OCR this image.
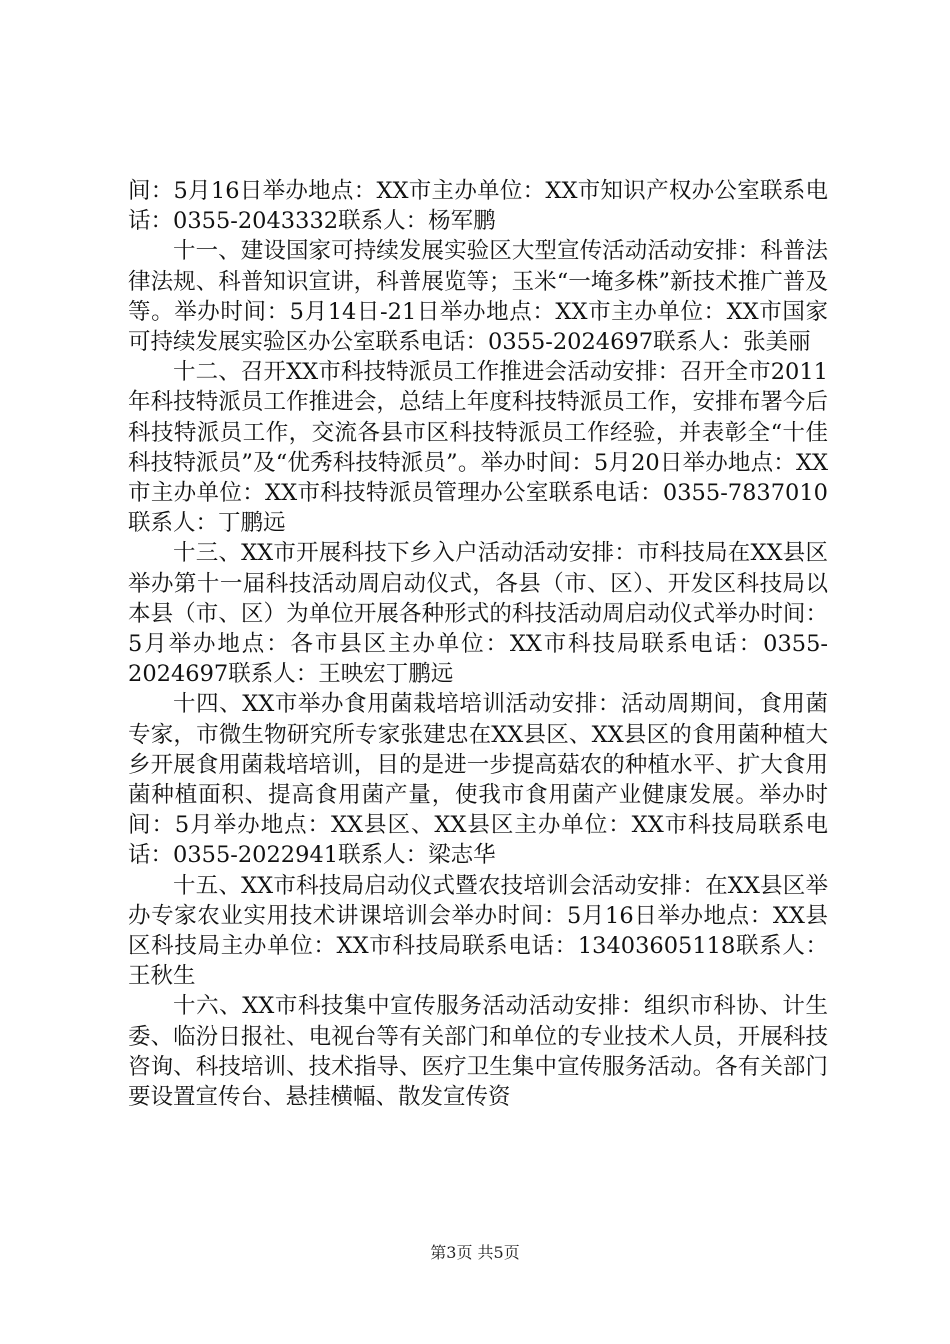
间：5月16日举办地点：XX市主办单位：XX市知识产权办公室联系电话：0355-2043332联系人：杨军鹏

十一、建设国家可持续发展实验区大型宣传活动活动安排：科普法律法规、科普知识宣讲，科普展览等；玉米“一埯多株”新技术推广普及等。举办时间：5月14日-21日举办地点：XX市主办单位：XX市国家可持续发展实验区办公室联系电话：0355-2024697联系人：张美丽

十二、召开XX市科技特派员工作推进会活动安排：召开全市2011年科技特派员工作推进会，总结上年度科技特派员工作，安排布署今后科技特派员工作，交流各县市区科技特派员工作经验，并表彰全“十佳科技特派员”及“优秀科技特派员”。举办时间：5月20日举办地点：XX市主办单位：XX市科技特派员管理办公室联系电话：0355-7837010联系人：丁鹏远

十三、XX市开展科技下乡入户活动活动安排：市科技局在XX县区举办第十一届科技活动周启动仪式，各县（市、区）、开发区科技局以本县（市、区）为单位开展各种形式的科技活动周启动仪式举办时间：5月举办地点：各市县区主办单位：XX市科技局联系电话：0355-2024697联系人：王映宏丁鹏远

十四、XX市举办食用菌栽培培训活动安排：活动周期间，食用菌专家，市微生物研究所专家张建忠在XX县区、XX县区的食用菌种植大乡开展食用菌栽培培训，目的是进一步提高菇农的种植水平、扩大食用菌种植面积、提高食用菌产量，使我市食用菌产业健康发展。举办时间：5月举办地点：XX县区、XX县区主办单位：XX市科技局联系电话：0355-2022941联系人：梁志华

十五、XX市科技局启动仪式暨农技培训会活动安排：在XX县区举办专家农业实用技术讲课培训会举办时间：5月16日举办地点：XX县区科技局主办单位：XX市科技局联系电话：13403605118联系人：王秋生

十六、XX市科技集中宣传服务活动活动安排：组织市科协、计生委、临汾日报社、电视台等有关部门和单位的专业技术人员，开展科技咨询、科技培训、技术指导、医疗卫生集中宣传服务活动。各有关部门要设置宣传台、悬挂横幅、散发宣传资

第3页 共5页
